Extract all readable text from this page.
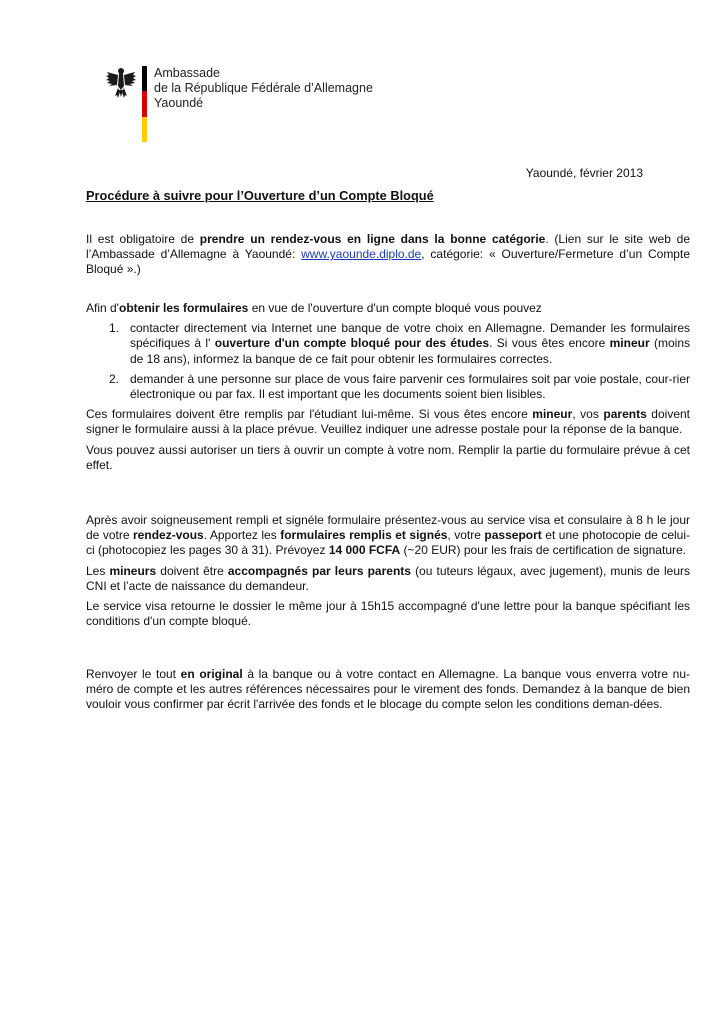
Ambassade
de la République Fédérale d’Allemagne
Yaoundé
Yaoundé, février 2013
Procédure à suivre pour l’Ouverture d’un Compte Bloqué

Il est obligatoire de prendre un rendez-vous en ligne dans la bonne catégorie. (Lien sur le site web de l’Ambassade d’Allemagne à Yaoundé: www.yaounde.diplo.de, catégorie: « Ouverture/Fermeture d’un Compte Bloqué ».)

Afin d'obtenir les formulaires en vue de l'ouverture d'un compte bloqué vous pouvez

1. contacter directement via Internet une banque de votre choix en Allemagne. Demander les formulaires spécifiques à l' ouverture d'un compte bloqué pour des études. Si vous êtes encore mineur (moins de 18 ans), informez la banque de ce fait pour obtenir les formulaires correctes.
2. demander à une personne sur place de vous faire parvenir ces formulaires soit par voie postale, cour-rier électronique ou par fax. Il est important que les documents soient bien lisibles.

Ces formulaires doivent être remplis par l'étudiant lui-même. Si vous êtes encore mineur, vos parents doivent signer le formulaire aussi à la place prévue. Veuillez indiquer une adresse postale pour la réponse de la banque.

Vous pouvez aussi autoriser un tiers à ouvrir un compte à votre nom. Remplir la partie du formulaire prévue à cet effet.

Après avoir soigneusement rempli et signéle formulaire présentez-vous au service visa et consulaire à 8 h le jour de votre rendez-vous. Apportez les formulaires remplis et signés, votre passeport et une photocopie de celui-ci (photocopiez les pages 30 à 31). Prévoyez 14 000 FCFA (~20 EUR) pour les frais de certification de signature.

Les mineurs doivent être accompagnés par leurs parents (ou tuteurs légaux, avec jugement), munis de leurs CNI et l’acte de naissance du demandeur.

Le service visa retourne le dossier le même jour à 15h15 accompagné d'une lettre pour la banque spécifiant les conditions d'un compte bloqué.

Renvoyer le tout en original à la banque ou à votre contact en Allemagne. La banque vous enverra votre nu-méro de compte et les autres références nécessaires pour le virement des fonds. Demandez à la banque de bien vouloir vous confirmer par écrit l'arrivée des fonds et le blocage du compte selon les conditions deman-dées.
